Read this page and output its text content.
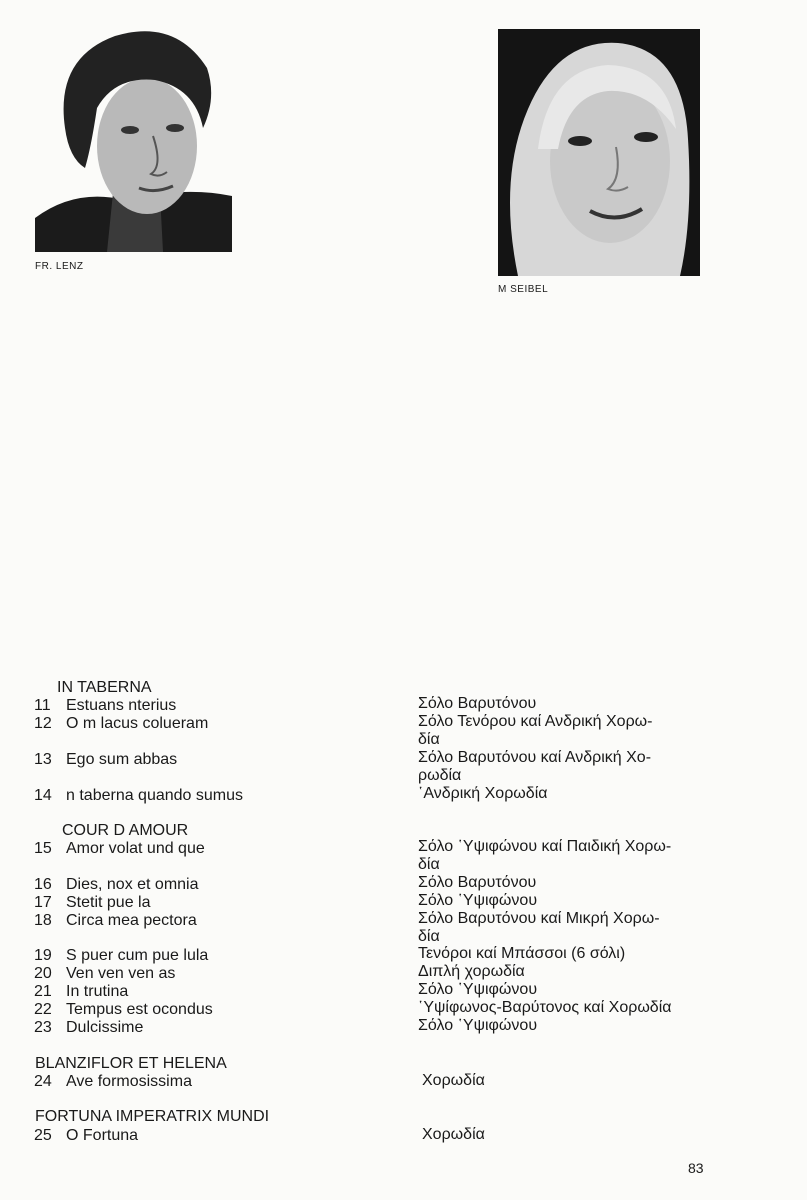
FR. LENZ
M SEIBEL
IN TABERNA
COUR D AMOUR
BLANZIFLOR ET HELENA
FORTUNA IMPERATRIX MUNDI
11 Estuans nterius	Σόλο Βαρυτόνου
12 O m lacus colueram	Σόλο Τενόρου καί Ανδρική Χορω-
δία
13 Ego sum abbas	Σόλο Βαρυτόνου καί Ανδρική Χο-
ρωδία
14 n taberna quando sumus	῾Ανδρική Χορωδία
15 Amor volat und que	Σόλο ῾Υψιφώνου καί Παιδική Χορω-
δία
16 Dies, nox et omnia	Σόλο Βαρυτόνου
17 Stetit pue la	Σόλο ῾Υψιφώνου
18 Circa mea pectora	Σόλο Βαρυτόνου καί Μικρή Χορω-
δία
19 S puer cum pue lula	Τενόροι καί Μπάσσοι (6 σόλι)
20 Ven ven ven as	Διπλή χορωδία
21 In trutina	Σόλο ῾Υψιφώνου
22 Tempus est ocondus	῾Υψίφωνος-Βαρύτονος καί Χορωδία
23 Dulcissime	Σόλο ῾Υψιφώνου
24 Ave formosissima	Χορωδία
25 O Fortuna	Χορωδία
83
